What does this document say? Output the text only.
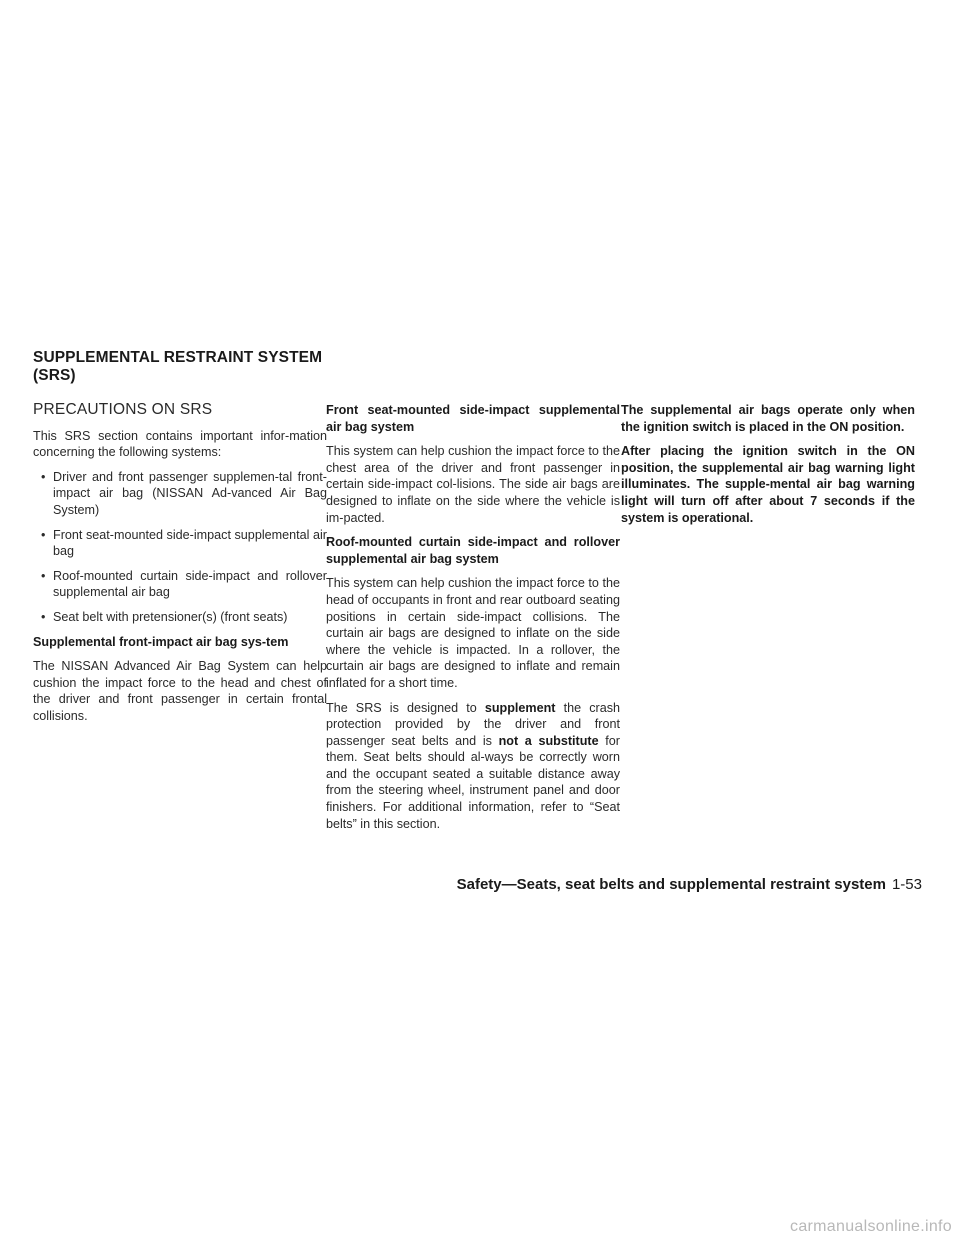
SUPPLEMENTAL RESTRAINT SYSTEM
(SRS)
PRECAUTIONS ON SRS

This SRS section contains important infor-mation concerning the following systems:

• Driver and front passenger supplemen-tal front-impact air bag (NISSAN Ad-vanced Air Bag System)
• Front seat-mounted side-impact supplemental air bag
• Roof-mounted curtain side-impact and rollover supplemental air bag
• Seat belt with pretensioner(s) (front seats)

Supplemental front-impact air bag sys-tem

The NISSAN Advanced Air Bag System can help cushion the impact force to the head and chest of the driver and front passenger in certain frontal collisions.

Front seat-mounted side-impact supplemental air bag system

This system can help cushion the impact force to the chest area of the driver and front passenger in certain side-impact col-lisions. The side air bags are designed to inflate on the side where the vehicle is im-pacted.

Roof-mounted curtain side-impact and rollover supplemental air bag system

This system can help cushion the impact force to the head of occupants in front and rear outboard seating positions in certain side-impact collisions. The curtain air bags are designed to inflate on the side where the vehicle is impacted. In a rollover, the curtain air bags are designed to inflate and remain inflated for a short time.

The SRS is designed to supplement the crash protection provided by the driver and front passenger seat belts and is not a substitute for them. Seat belts should al-ways be correctly worn and the occupant seated a suitable distance away from the steering wheel, instrument panel and door finishers. For additional information, refer to “Seat belts” in this section.

The supplemental air bags operate only when the ignition switch is placed in the ON position.

After placing the ignition switch in the ON position, the supplemental air bag warning light illuminates. The supple-mental air bag warning light will turn off after about 7 seconds if the system is operational.

Safety—Seats, seat belts and supplemental restraint system 1-53
carmanualsonline.info
